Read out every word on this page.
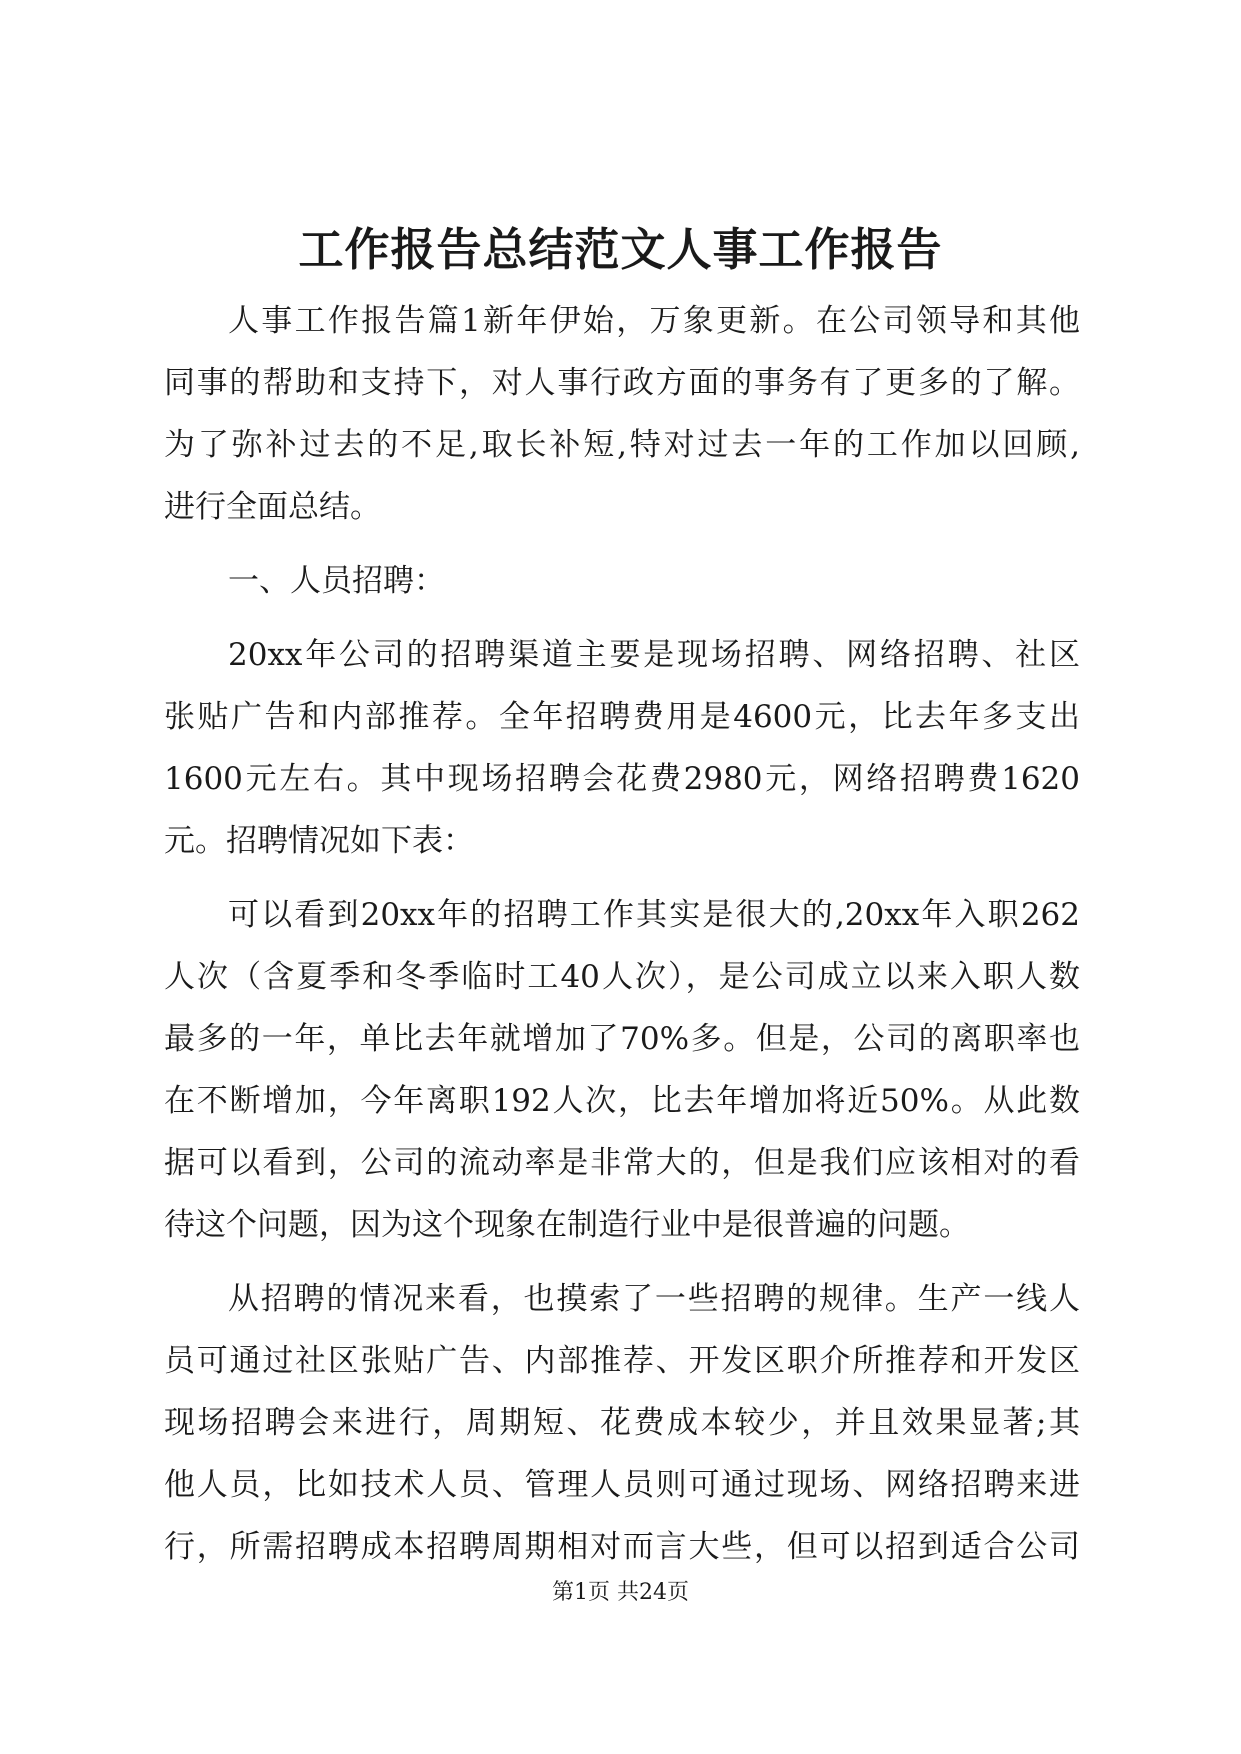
工作报告总结范文人事工作报告
人事工作报告篇1新年伊始，万象更新。在公司领导和其他
同事的帮助和支持下，对人事行政方面的事务有了更多的了解。
为了弥补过去的不足,取长补短,特对过去一年的工作加以回顾,
进行全面总结。
一、人员招聘：
20xx年公司的招聘渠道主要是现场招聘、网络招聘、社区
张贴广告和内部推荐。全年招聘费用是4600元，比去年多支出
1600元左右。其中现场招聘会花费2980元，网络招聘费1620
元。招聘情况如下表：
可以看到20xx年的招聘工作其实是很大的,20xx年入职262
人次（含夏季和冬季临时工40人次），是公司成立以来入职人数
最多的一年，单比去年就增加了70%多。但是，公司的离职率也
在不断增加，今年离职192人次，比去年增加将近50%。从此数
据可以看到，公司的流动率是非常大的，但是我们应该相对的看
待这个问题，因为这个现象在制造行业中是很普遍的问题。
从招聘的情况来看，也摸索了一些招聘的规律。生产一线人
员可通过社区张贴广告、内部推荐、开发区职介所推荐和开发区
现场招聘会来进行，周期短、花费成本较少，并且效果显著;其
他人员，比如技术人员、管理人员则可通过现场、网络招聘来进
行，所需招聘成本招聘周期相对而言大些，但可以招到适合公司
第1页 共24页
